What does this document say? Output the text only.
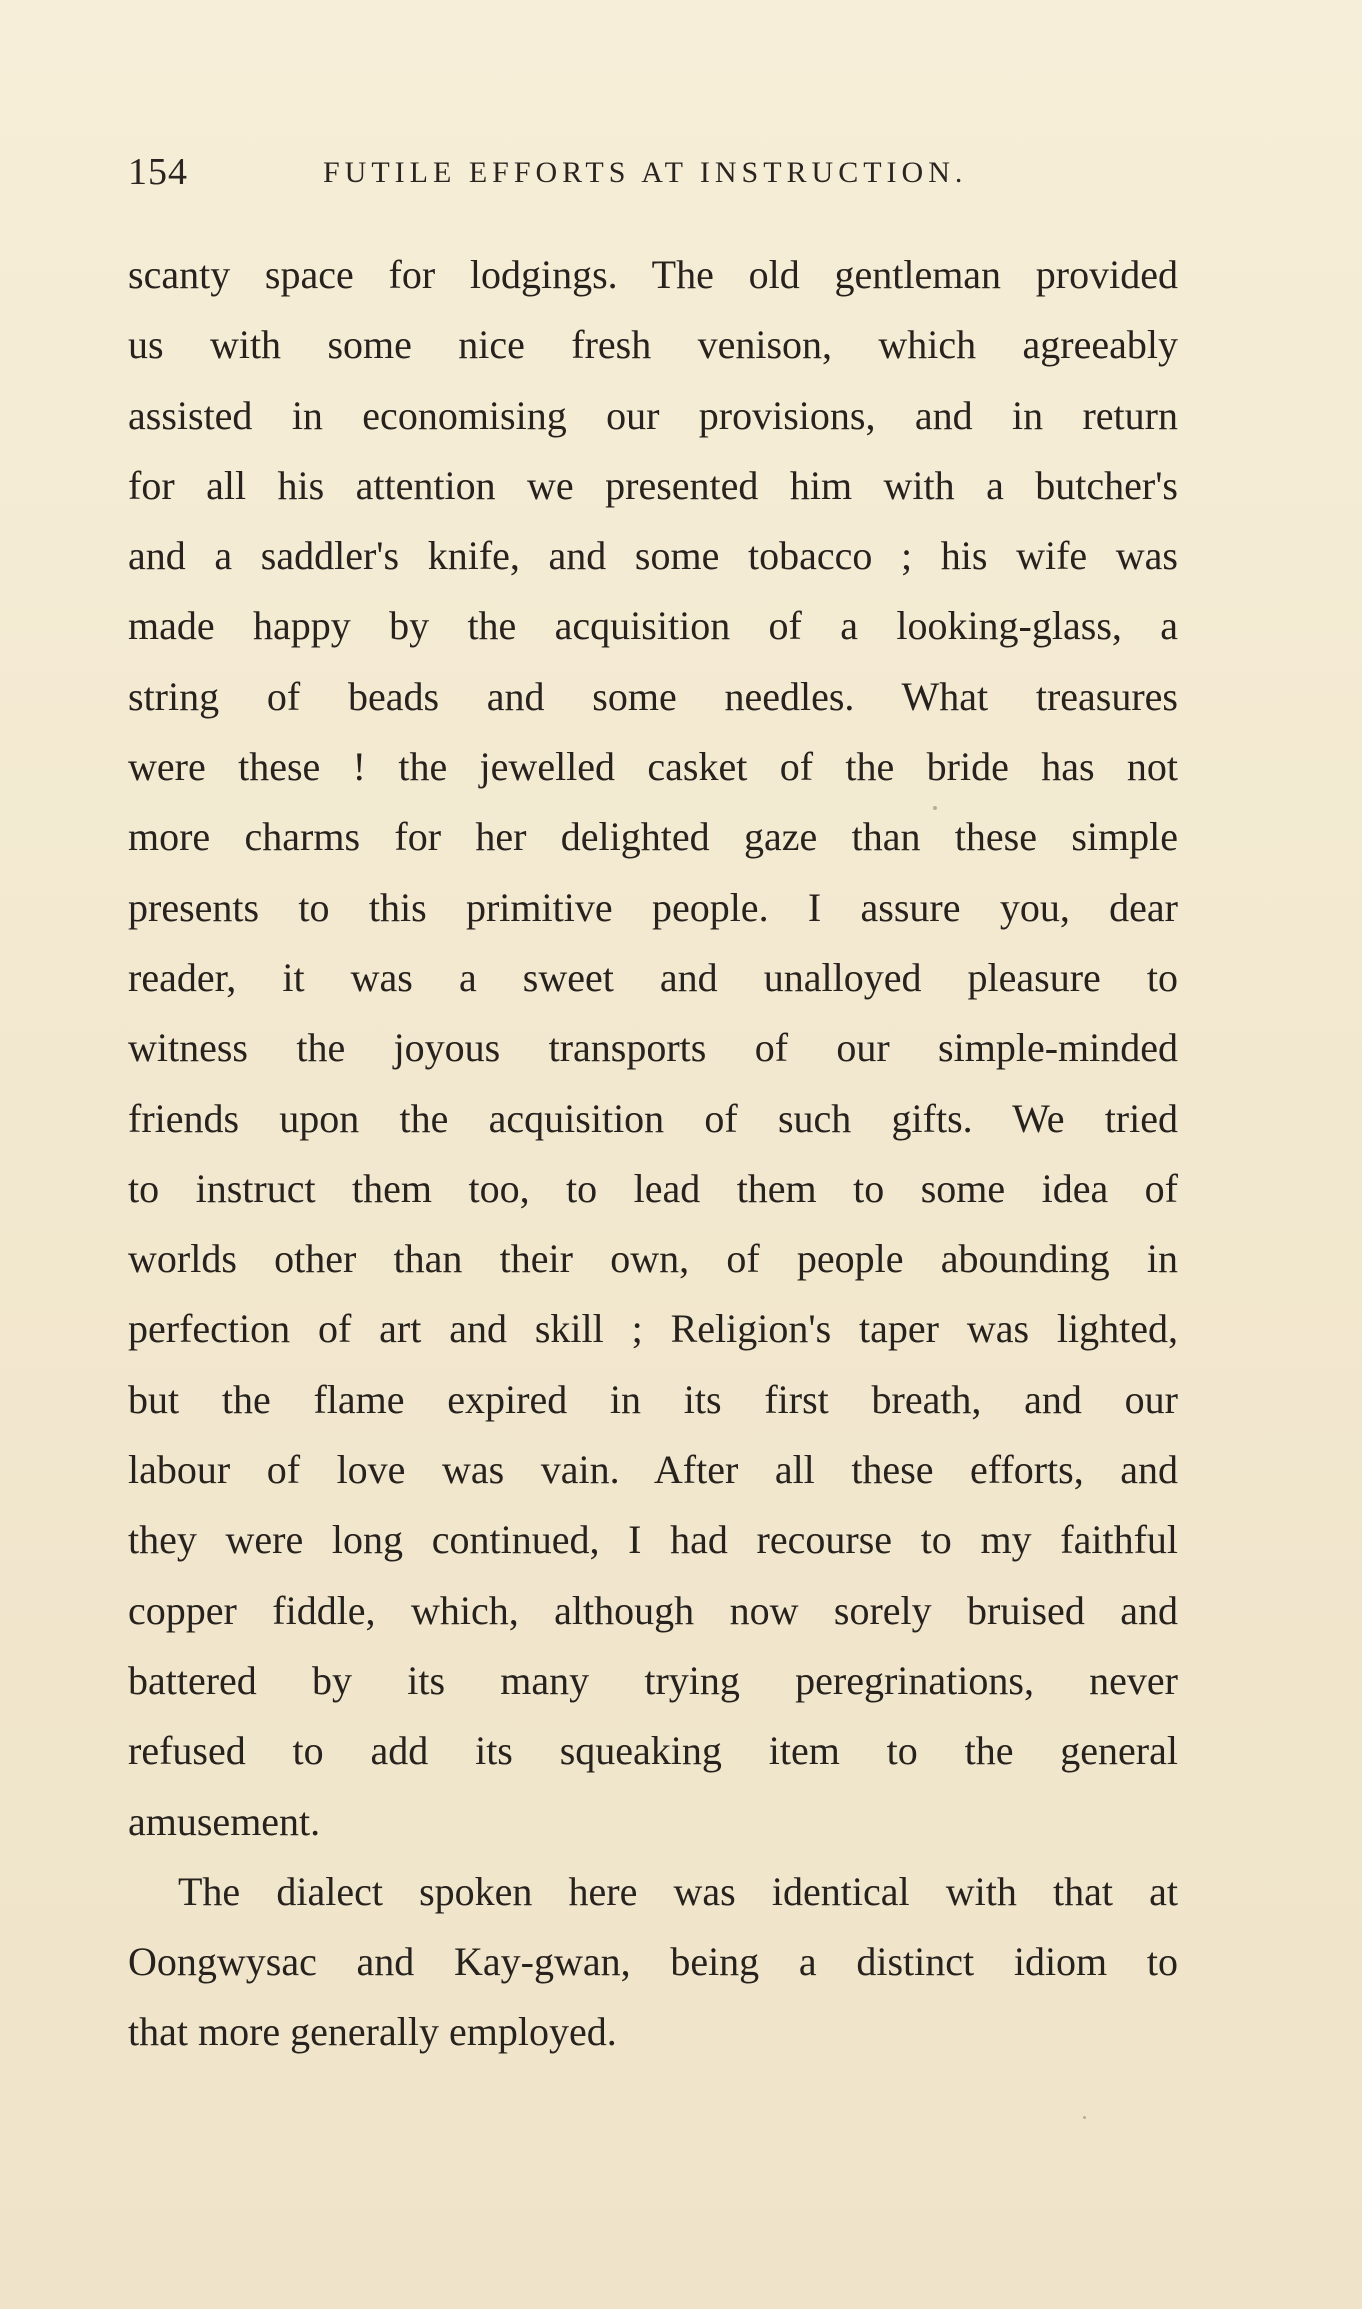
154	FUTILE EFFORTS AT INSTRUCTION.
scanty space for lodgings. The old gentleman provided
us with some nice fresh venison, which agreeably
assisted in economising our provisions, and in return
for all his attention we presented him with a butcher's
and a saddler's knife, and some tobacco ; his wife was
made happy by the acquisition of a looking-glass, a
string of beads and some needles. What treasures
were these ! the jewelled casket of the bride has not
more charms for her delighted gaze than these simple
presents to this primitive people. I assure you, dear
reader, it was a sweet and unalloyed pleasure to
witness the joyous transports of our simple-minded
friends upon the acquisition of such gifts. We tried
to instruct them too, to lead them to some idea of
worlds other than their own, of people abounding in
perfection of art and skill ; Religion's taper was lighted,
but the flame expired in its first breath, and our
labour of love was vain. After all these efforts, and
they were long continued, I had recourse to my faithful
copper fiddle, which, although now sorely bruised and
battered by its many trying peregrinations, never
refused to add its squeaking item to the general
amusement.
The dialect spoken here was identical with that at
Oongwysac and Kay-gwan, being a distinct idiom to
that more generally employed.
